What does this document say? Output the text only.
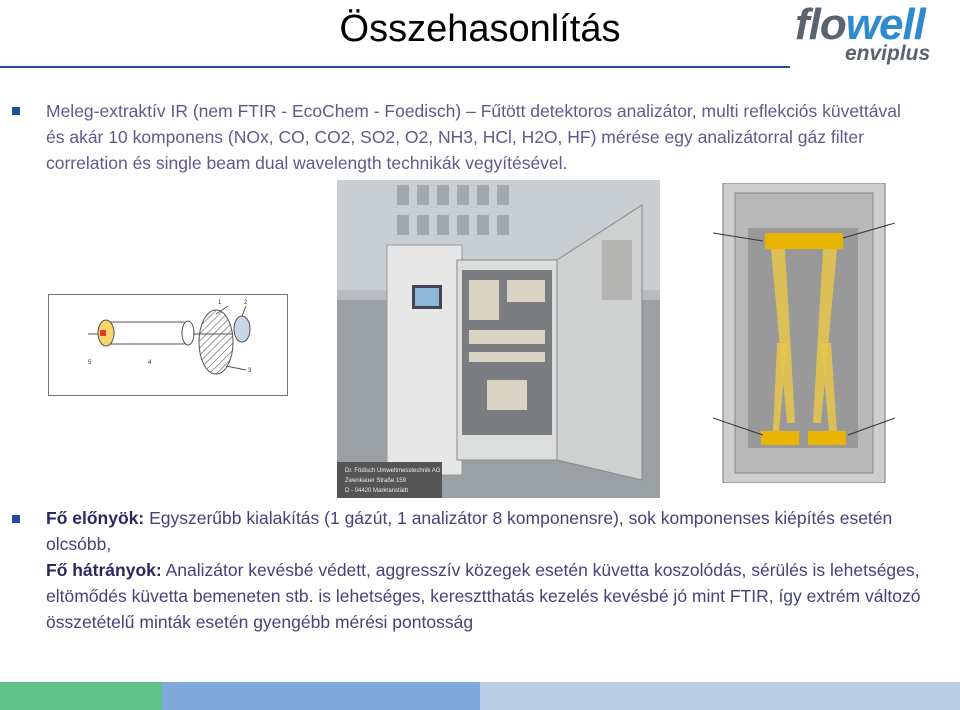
Összehasonlítás	flowell
enviplus
Meleg-extraktív IR (nem FTIR - EcoChem - Foedisch) – Fűtött detektoros analizátor, multi reflekciós küvettával és akár 10 komponens (NOx, CO, CO2, SO2, O2, NH3, HCl, H2O, HF) mérése egy analizátorral gáz filter correlation és single beam dual wavelength technikák vegyítésével.
1	2
3
4
5
Dr. Födisch Umweltmesstechnik AG
Zwenkauer Straße 159
D - 04420 Markranstädt
Fő előnyök: Egyszerűbb kialakítás (1 gázút, 1 analizátor 8 komponensre), sok komponenses kiépítés esetén olcsóbb,
Fő hátrányok: Analizátor kevésbé védett, aggresszív közegek esetén küvetta koszolódás, sérülés is lehetséges, eltömődés küvetta bemeneten stb. is lehetséges, keresztthatás kezelés kevésbé jó mint FTIR, így extrém változó összetételű minták esetén gyengébb mérési pontosság
